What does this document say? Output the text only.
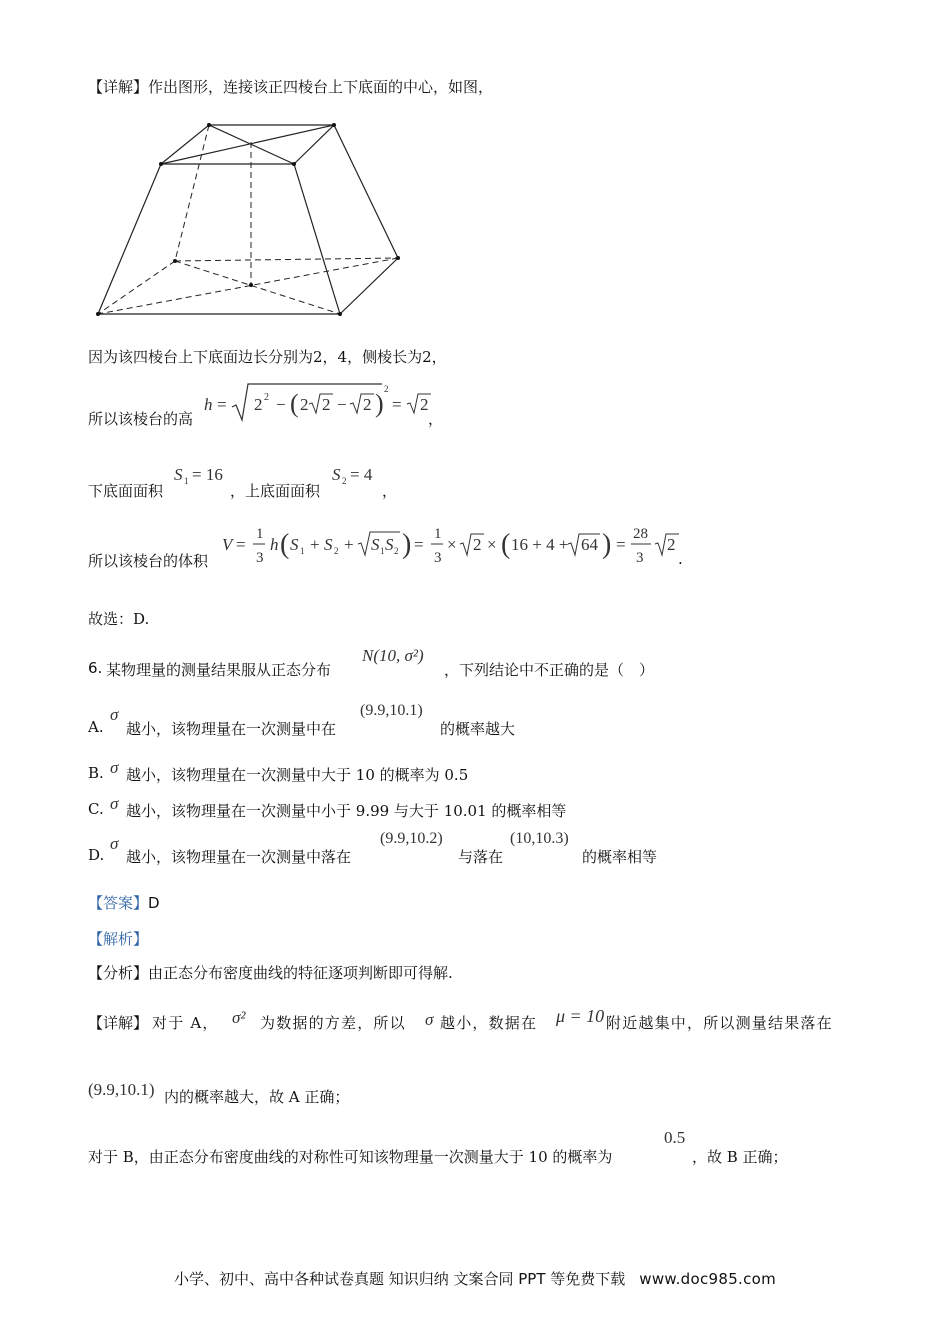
【详解】作出图形，连接该正四棱台上下底面的中心，如图，
因为该四棱台上下底面边长分别为2，4，侧棱长为2，
所以该棱台的高
h = 2 2 − ( 2 2 − 2 ) 2
= 2
，
下底面面积
S 1 = 16
，上底面面积
S 2 = 4
，
所以该棱台的体积
V =
1
3
h ( S 1 + S 2 + S 1 S 2 ) =
1
3
× 2 × ( 16 + 4 + 64 ) =
28
3
2
.
故选：D.
6. 某物理量的测量结果服从正态分布
N(10, σ²)
，下列结论中不正确的是（　）
A.
σ
越小，该物理量在一次测量中在
(9.9,10.1)
的概率越大
B. σ 越小，该物理量在一次测量中大于 10 的概率为 0.5
C. σ 越小，该物理量在一次测量中小于 9.99 与大于 10.01 的概率相等
D.
σ
越小，该物理量在一次测量中落在
(9.9,10.2)
与落在
(10,10.3)
的概率相等
【答案】D
【解析】
【分析】由正态分布密度曲线的特征逐项判断即可得解.
【详解】 对于 A， σ² 为数据的方差，所以 σ 越小，数据在 μ = 10 附近越集中，所以测量结果落在
(9.9,10.1) 内的概率越大，故 A 正确；
对于 B，由正态分布密度曲线的对称性可知该物理量一次测量大于 10 的概率为
0.5
，故 B 正确；
小学、初中、高中各种试卷真题 知识归纳 文案合同 PPT 等免费下载 www.doc985.com
